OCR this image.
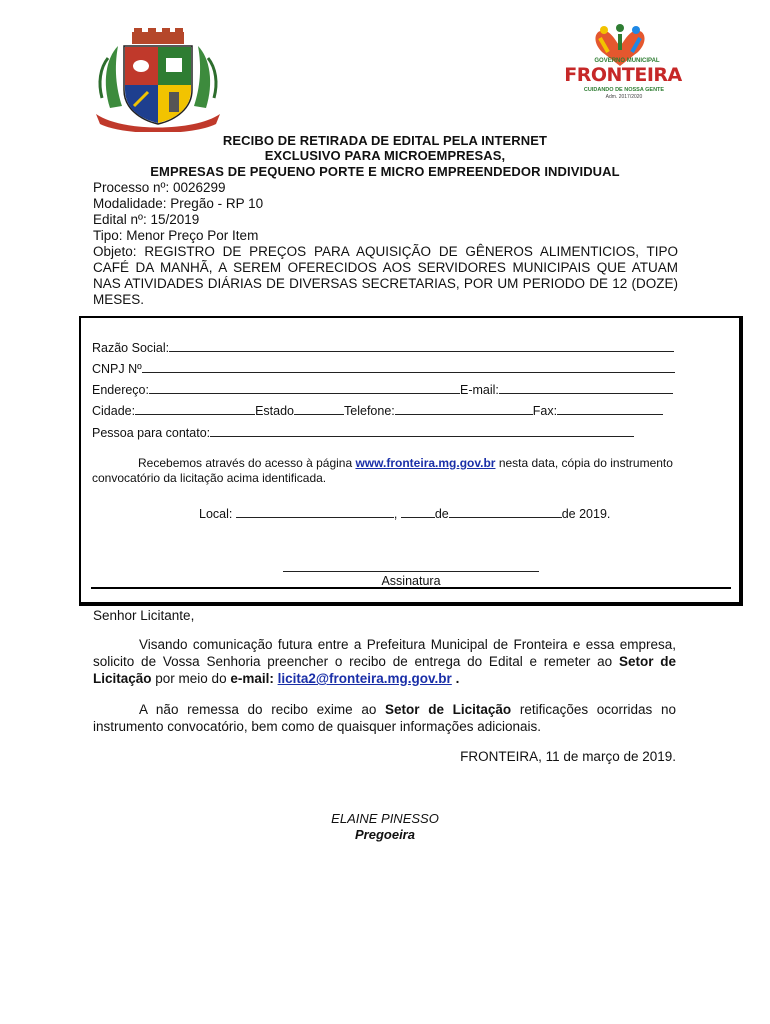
GOVERNO MUNICIPAL
FRONTEIRA
CUIDANDO DE NOSSA GENTE
Adm. 2017/2020
RECIBO DE RETIRADA DE EDITAL PELA INTERNET
EXCLUSIVO PARA MICROEMPRESAS,
EMPRESAS DE PEQUENO PORTE E MICRO EMPREENDEDOR INDIVIDUAL
Processo nº: 0026299
Modalidade: Pregão - RP 10
Edital nº: 15/2019
Tipo: Menor Preço Por Item
Objeto: REGISTRO DE PREÇOS PARA AQUISIÇÃO DE GÊNEROS ALIMENTICIOS, TIPO CAFÉ DA MANHÃ, A SEREM OFERECIDOS AOS SERVIDORES MUNICIPAIS QUE ATUAM NAS ATIVIDADES DIÁRIAS DE DIVERSAS SECRETARIAS, POR UM PERIODO DE 12 (DOZE) MESES.
Razão Social:
CNPJ Nº
Endereço:	E-mail:
Cidade:	Estado	Telefone:	Fax:
Pessoa para contato:
Recebemos através do acesso à página www.fronteira.mg.gov.br nesta data, cópia do instrumento convocatório da licitação acima identificada.
Local:	,	de	de 2019.
Assinatura
Senhor Licitante,
Visando comunicação futura entre a Prefeitura Municipal de Fronteira e essa empresa, solicito de Vossa Senhoria preencher o recibo de entrega do Edital e remeter ao Setor de Licitação por meio do e-mail: licita2@fronteira.mg.gov.br .
A não remessa do recibo exime ao Setor de Licitação retificações ocorridas no instrumento convocatório, bem como de quaisquer informações adicionais.
FRONTEIRA, 11 de março de 2019.
ELAINE PINESSO
Pregoeira
